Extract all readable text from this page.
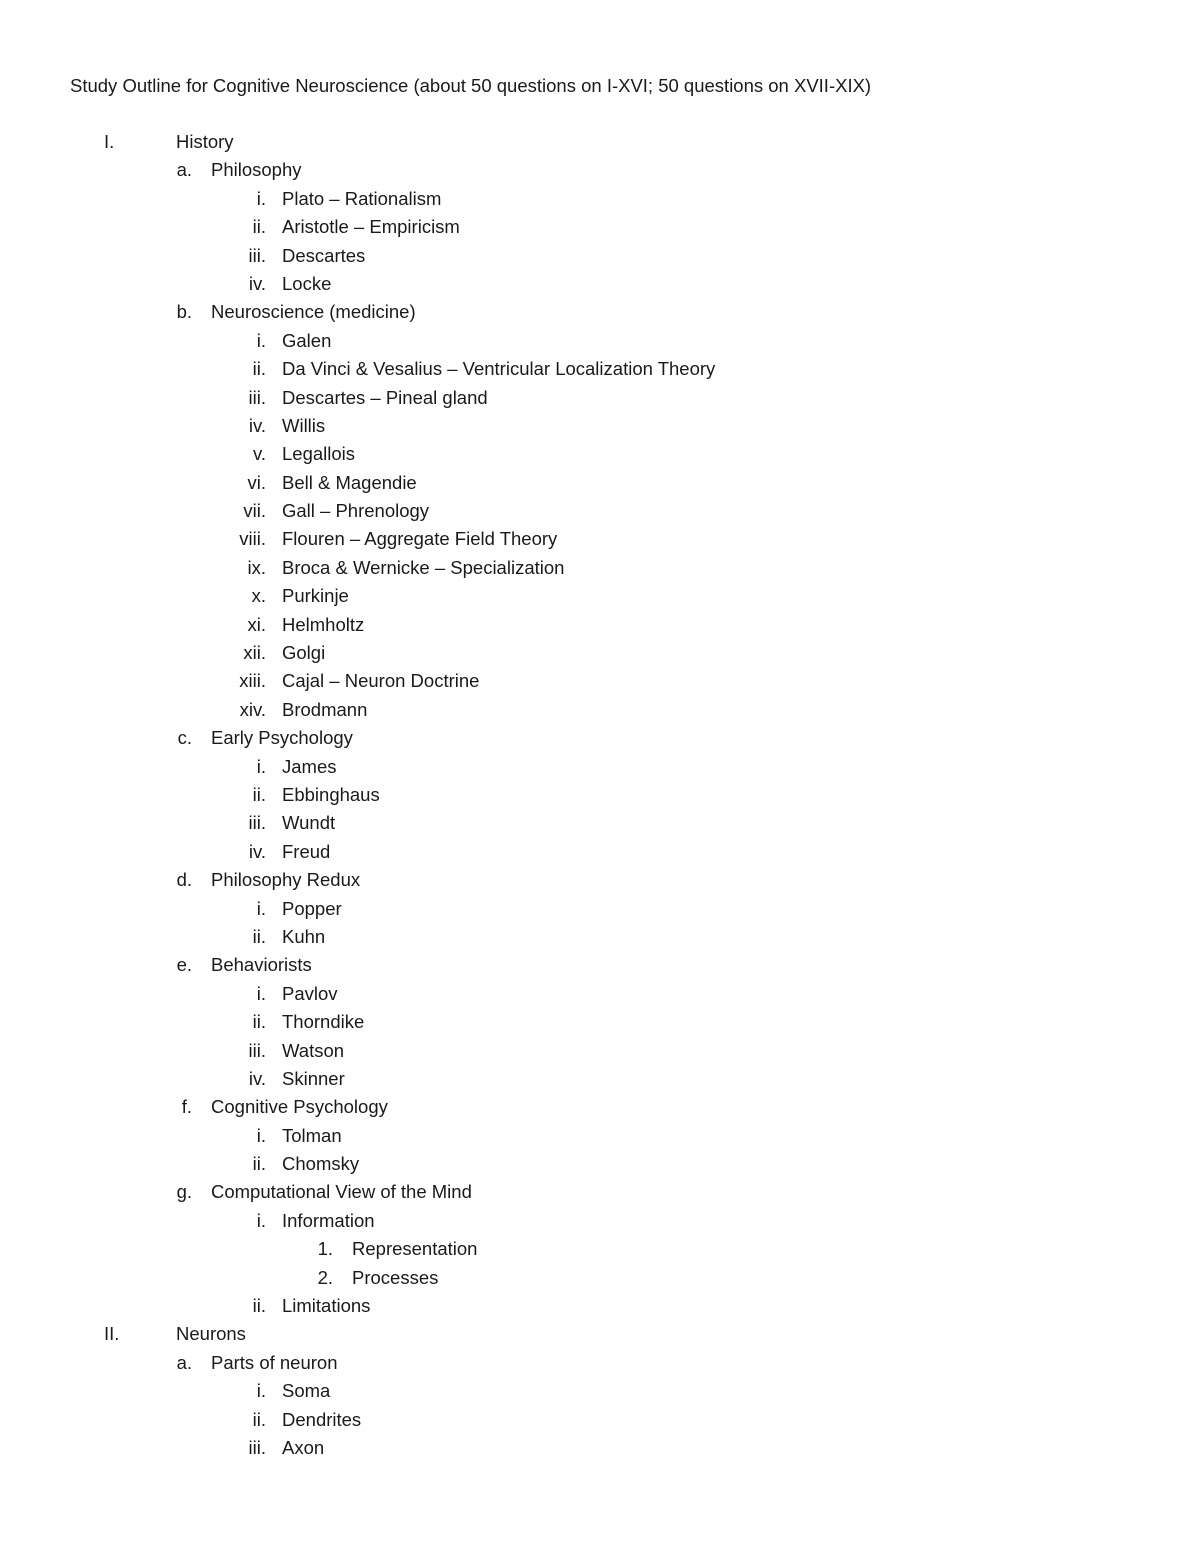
Study Outline for Cognitive Neuroscience (about 50 questions on I-XVI; 50 questions on XVII-XIX)
I.	History
a. Philosophy
i. Plato – Rationalism
ii. Aristotle – Empiricism
iii. Descartes
iv. Locke
b. Neuroscience (medicine)
i. Galen
ii. Da Vinci & Vesalius – Ventricular Localization Theory
iii. Descartes – Pineal gland
iv. Willis
v. Legallois
vi. Bell & Magendie
vii. Gall – Phrenology
viii. Flouren – Aggregate Field Theory
ix. Broca & Wernicke – Specialization
x. Purkinje
xi. Helmholtz
xii. Golgi
xiii. Cajal – Neuron Doctrine
xiv. Brodmann
c. Early Psychology
i. James
ii. Ebbinghaus
iii. Wundt
iv. Freud
d. Philosophy Redux
i. Popper
ii. Kuhn
e. Behaviorists
i. Pavlov
ii. Thorndike
iii. Watson
iv. Skinner
f. Cognitive Psychology
i. Tolman
ii. Chomsky
g. Computational View of the Mind
i. Information
1. Representation
2. Processes
ii. Limitations
II.	Neurons
a. Parts of neuron
i. Soma
ii. Dendrites
iii. Axon
